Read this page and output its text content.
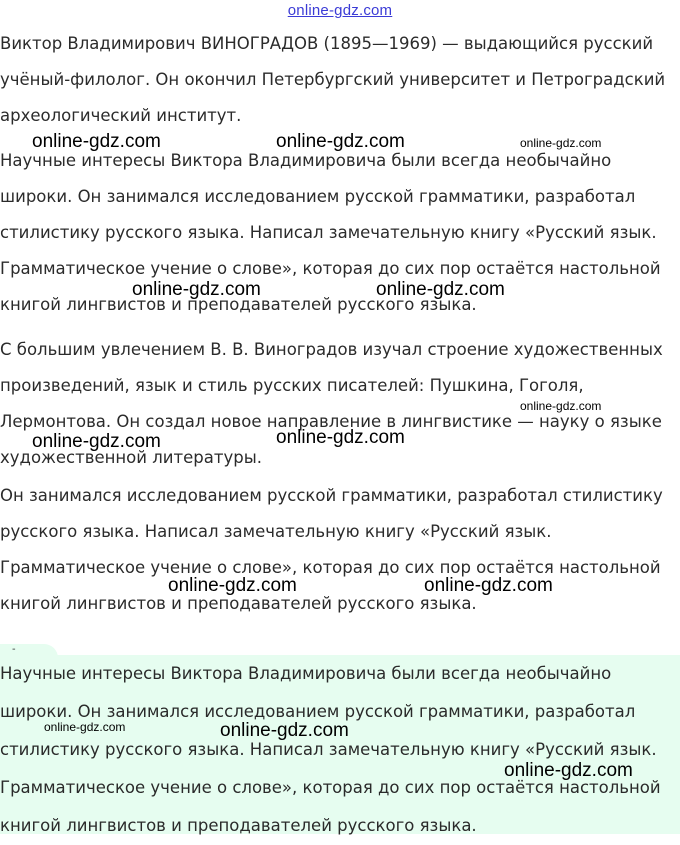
online-gdz.com

Виктор Владимирович ВИНОГРАДОВ (1895—1969) — выдающийся русский учёный-филолог. Он окончил Петербургский университет и Петроградский археологический институт.

Научные интересы Виктора Владимировича были всегда необычайно широки. Он занимался исследованием русской грамматики, разработал стилистику русского языка. Написал замечательную книгу «Русский язык. Грамматическое учение о слове», которая до сих пор остаётся настольной книгой лингвистов и преподавателей русского языка.

С большим увлечением В. В. Виноградов изучал строение художественных произведений, язык и стиль русских писателей: Пушкина, Гоголя, Лермонтова. Он создал новое направление в лингвистике — науку о языке художественной литературы.

Он занимался исследованием русской грамматики, разработал стилистику русского языка. Написал замечательную книгу «Русский язык. Грамматическое учение о слове», которая до сих пор остаётся настольной книгой лингвистов и преподавателей русского языка.

-

Научные интересы Виктора Владимировича были всегда необычайно широки. Он занимался исследованием русской грамматики, разработал стилистику русского языка. Написал замечательную книгу «Русский язык. Грамматическое учение о слове», которая до сих пор остаётся настольной книгой лингвистов и преподавателей русского языка.

online-gdz.com	online-gdz.com	online-gdz.com
online-gdz.com	online-gdz.com
online-gdz.com
online-gdz.com	online-gdz.com
online-gdz.com	online-gdz.com
online-gdz.com	online-gdz.com
online-gdz.com
